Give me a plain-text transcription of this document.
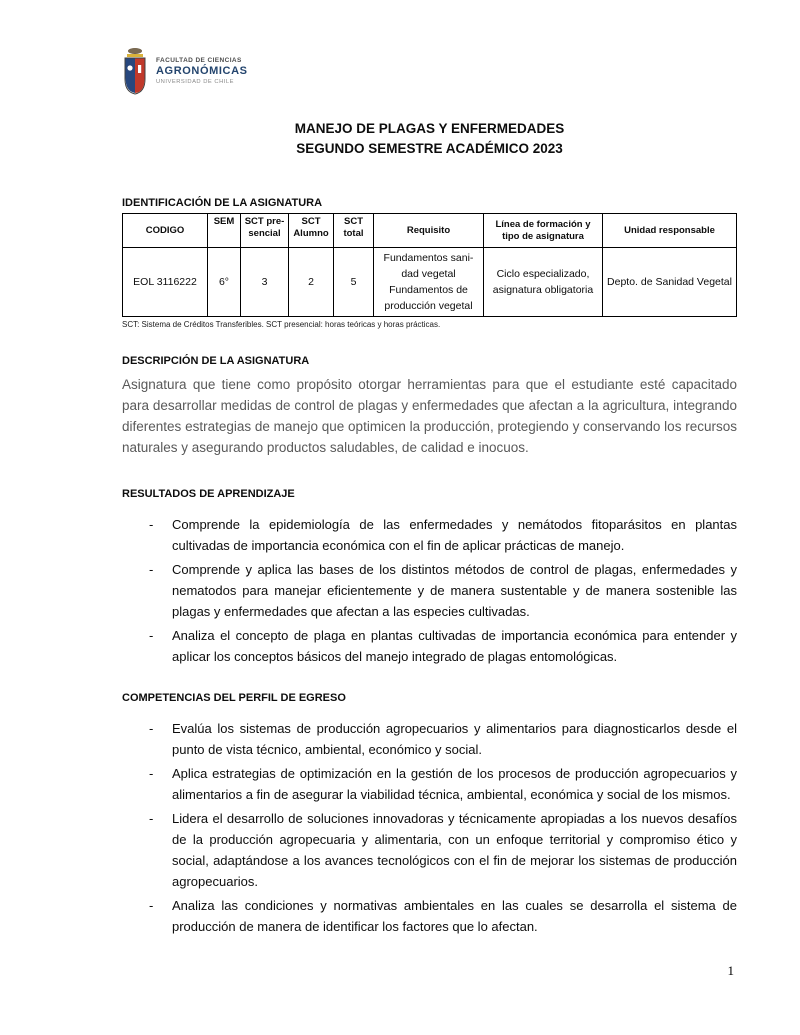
FACULTAD DE CIENCIAS
AGRONÓMICAS
UNIVERSIDAD DE CHILE
MANEJO DE PLAGAS Y ENFERMEDADES
SEGUNDO SEMESTRE ACADÉMICO 2023
IDENTIFICACIÓN DE LA ASIGNATURA
CODIGO	SEM	SCT pre-sencial	SCT Alumno	SCT total	Requisito	Línea de formación y tipo de asignatura	Unidad responsable
EOL 3116222	6°	3	2	5	Fundamentos sani-
dad vegetal
Fundamentos de
producción vegetal	Ciclo especializado, asignatura obligatoria	Depto. de Sanidad Vegetal
SCT: Sistema de Créditos Transferibles. SCT presencial: horas teóricas y horas prácticas.
DESCRIPCIÓN DE LA ASIGNATURA

Asignatura que tiene como propósito otorgar herramientas para que el estudiante esté capacitado para desarrollar medidas de control de plagas y enfermedades que afectan a la agricultura, integrando diferentes estrategias de manejo que optimicen la producción, protegiendo y conservando los recursos naturales y asegurando productos saludables, de calidad e inocuos.

RESULTADOS DE APRENDIZAJE
- Comprende la epidemiología de las enfermedades y nemátodos fitoparásitos en plantas cultivadas de importancia económica con el fin de aplicar prácticas de manejo.
- Comprende y aplica las bases de los distintos métodos de control de plagas, enfermedades y nematodos para manejar eficientemente y de manera sustentable y de manera sostenible las plagas y enfermedades que afectan a las especies cultivadas.
- Analiza el concepto de plaga en plantas cultivadas de importancia económica para entender y aplicar los conceptos básicos del manejo integrado de plagas entomológicas.
COMPETENCIAS DEL PERFIL DE EGRESO
- Evalúa los sistemas de producción agropecuarios y alimentarios para diagnosticarlos desde el punto de vista técnico, ambiental, económico y social.
- Aplica estrategias de optimización en la gestión de los procesos de producción agropecuarios y alimentarios a fin de asegurar la viabilidad técnica, ambiental, económica y social de los mismos.
- Lidera el desarrollo de soluciones innovadoras y técnicamente apropiadas a los nuevos desafíos de la producción agropecuaria y alimentaria, con un enfoque territorial y compromiso ético y social, adaptándose a los avances tecnológicos con el fin de mejorar los sistemas de producción agropecuarios.
- Analiza las condiciones y normativas ambientales en las cuales se desarrolla el sistema de producción de manera de identificar los factores que lo afectan.
1
